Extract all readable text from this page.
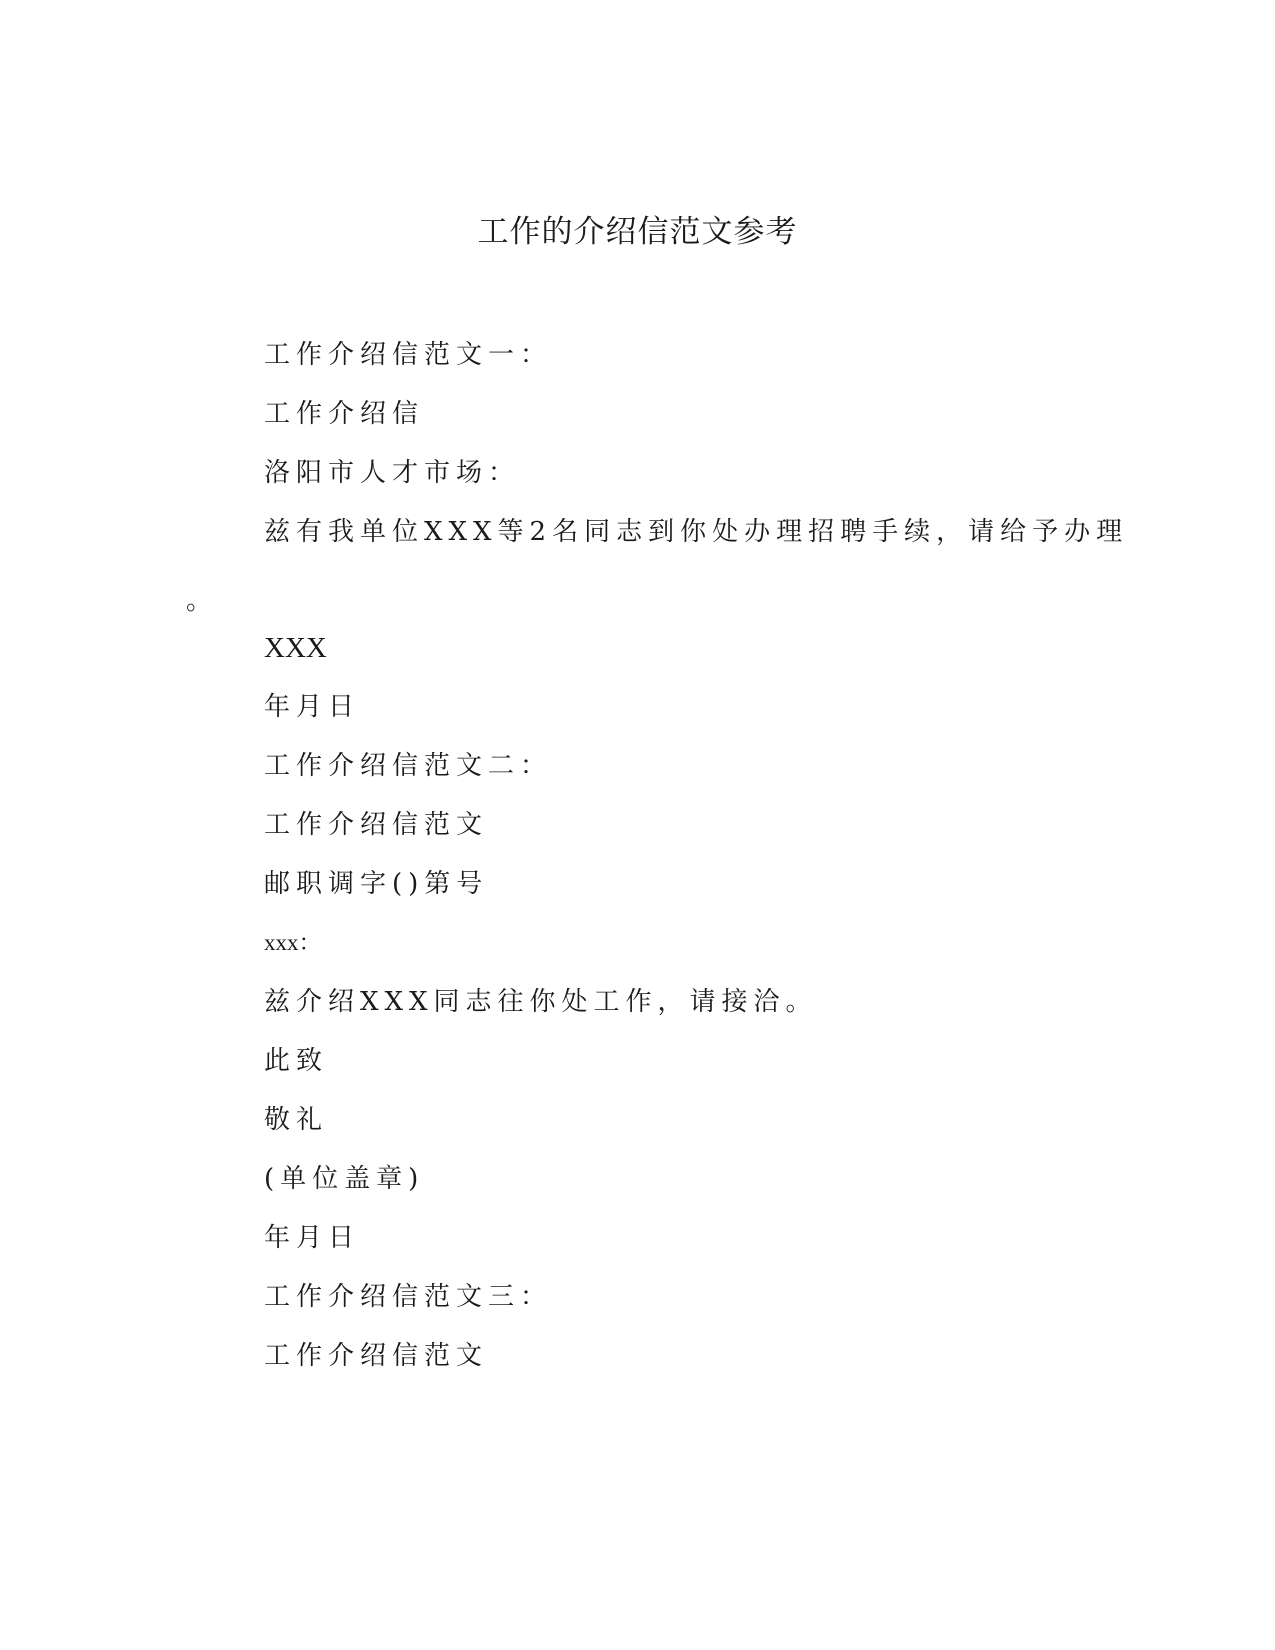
工作的介绍信范文参考
工作介绍信范文一：
工作介绍信
洛阳市人才市场：
兹有我单位XXX等2名同志到你处办理招聘手续，请给予办理
。
XXX
年月日
工作介绍信范文二：
工作介绍信范文
邮职调字()第号
xxx：
兹介绍XXX同志往你处工作，请接洽。
此致
敬礼
(单位盖章)
年月日
工作介绍信范文三：
工作介绍信范文
